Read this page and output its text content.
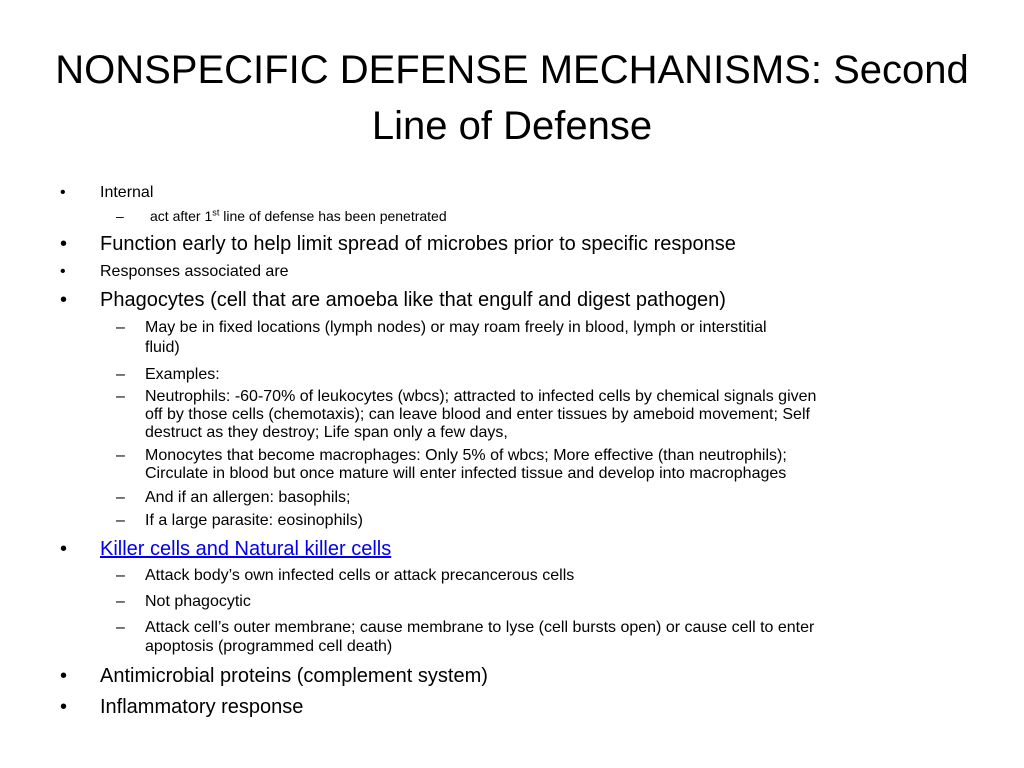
NONSPECIFIC DEFENSE MECHANISMS: Second
Line of Defense
• Internal
– act after 1st line of defense has been penetrated
• Function early to help limit spread of microbes prior to specific response
• Responses associated are
• Phagocytes (cell that are amoeba like that engulf and digest pathogen)
– May be in fixed locations (lymph nodes) or may roam freely in blood, lymph or interstitial
fluid)
– Examples:
– Neutrophils: -60-70% of leukocytes (wbcs); attracted to infected cells by chemical signals given
off by those cells (chemotaxis); can leave blood and enter tissues by ameboid movement; Self
destruct as they destroy; Life span only a few days,
– Monocytes that become macrophages: Only 5% of wbcs; More effective (than neutrophils);
Circulate in blood but once mature will enter infected tissue and develop into macrophages
– And if an allergen: basophils;
– If a large parasite: eosinophils)
• Killer cells and Natural killer cells
– Attack body’s own infected cells or attack precancerous cells
– Not phagocytic
– Attack cell’s outer membrane; cause membrane to lyse (cell bursts open) or cause cell to enter
apoptosis (programmed cell death)
• Antimicrobial proteins (complement system)
• Inflammatory response
